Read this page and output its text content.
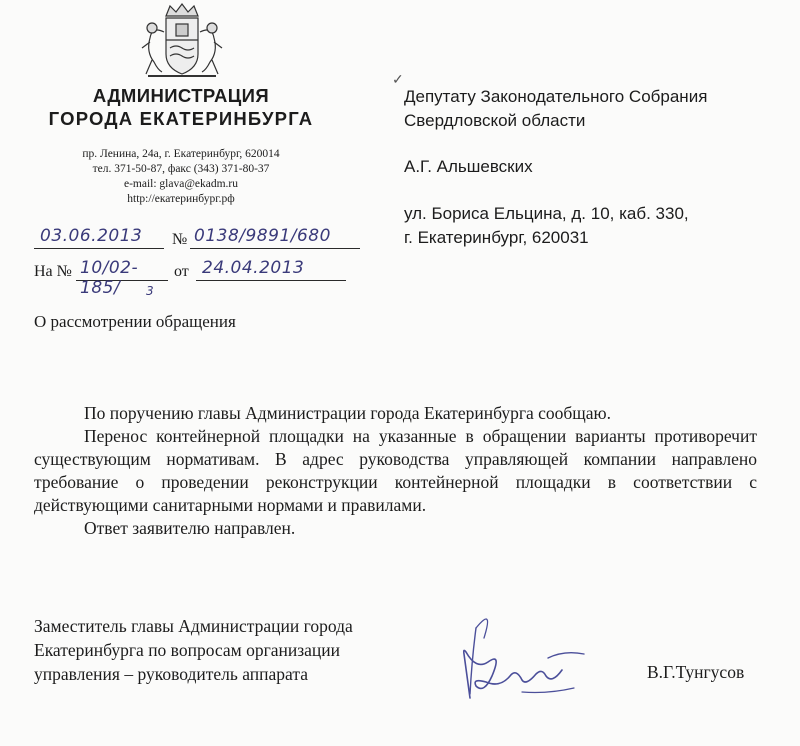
АДМИНИСТРАЦИЯ
ГОРОДА ЕКАТЕРИНБУРГА
пр. Ленина, 24а, г. Екатеринбург, 620014
тел. 371-50-87, факс (343) 371-80-37
e-mail: glava@ekadm.ru
http://екатеринбург.рф
03.06.2013 № 0138/9891/680
На № 10/02-185/	3
от 24.04.2013
О рассмотрении обращения
✓
Депутату Законодательного Собрания
Свердловской области
А.Г. Альшевских
ул. Бориса Ельцина, д. 10, каб. 330,
г. Екатеринбург, 620031

По поручению главы Администрации города Екатеринбурга сообщаю.

Перенос контейнерной площадки на указанные в обращении варианты противоречит существующим нормативам. В адрес руководства управляющей компании направлено требование о проведении реконструкции контейнерной площадки в соответствии с действующими санитарными нормами и правилами.

Ответ заявителю направлен.

Заместитель главы Администрации города
Екатеринбурга по вопросам организации
управления – руководитель аппарата	В.Г.Тунгусов
